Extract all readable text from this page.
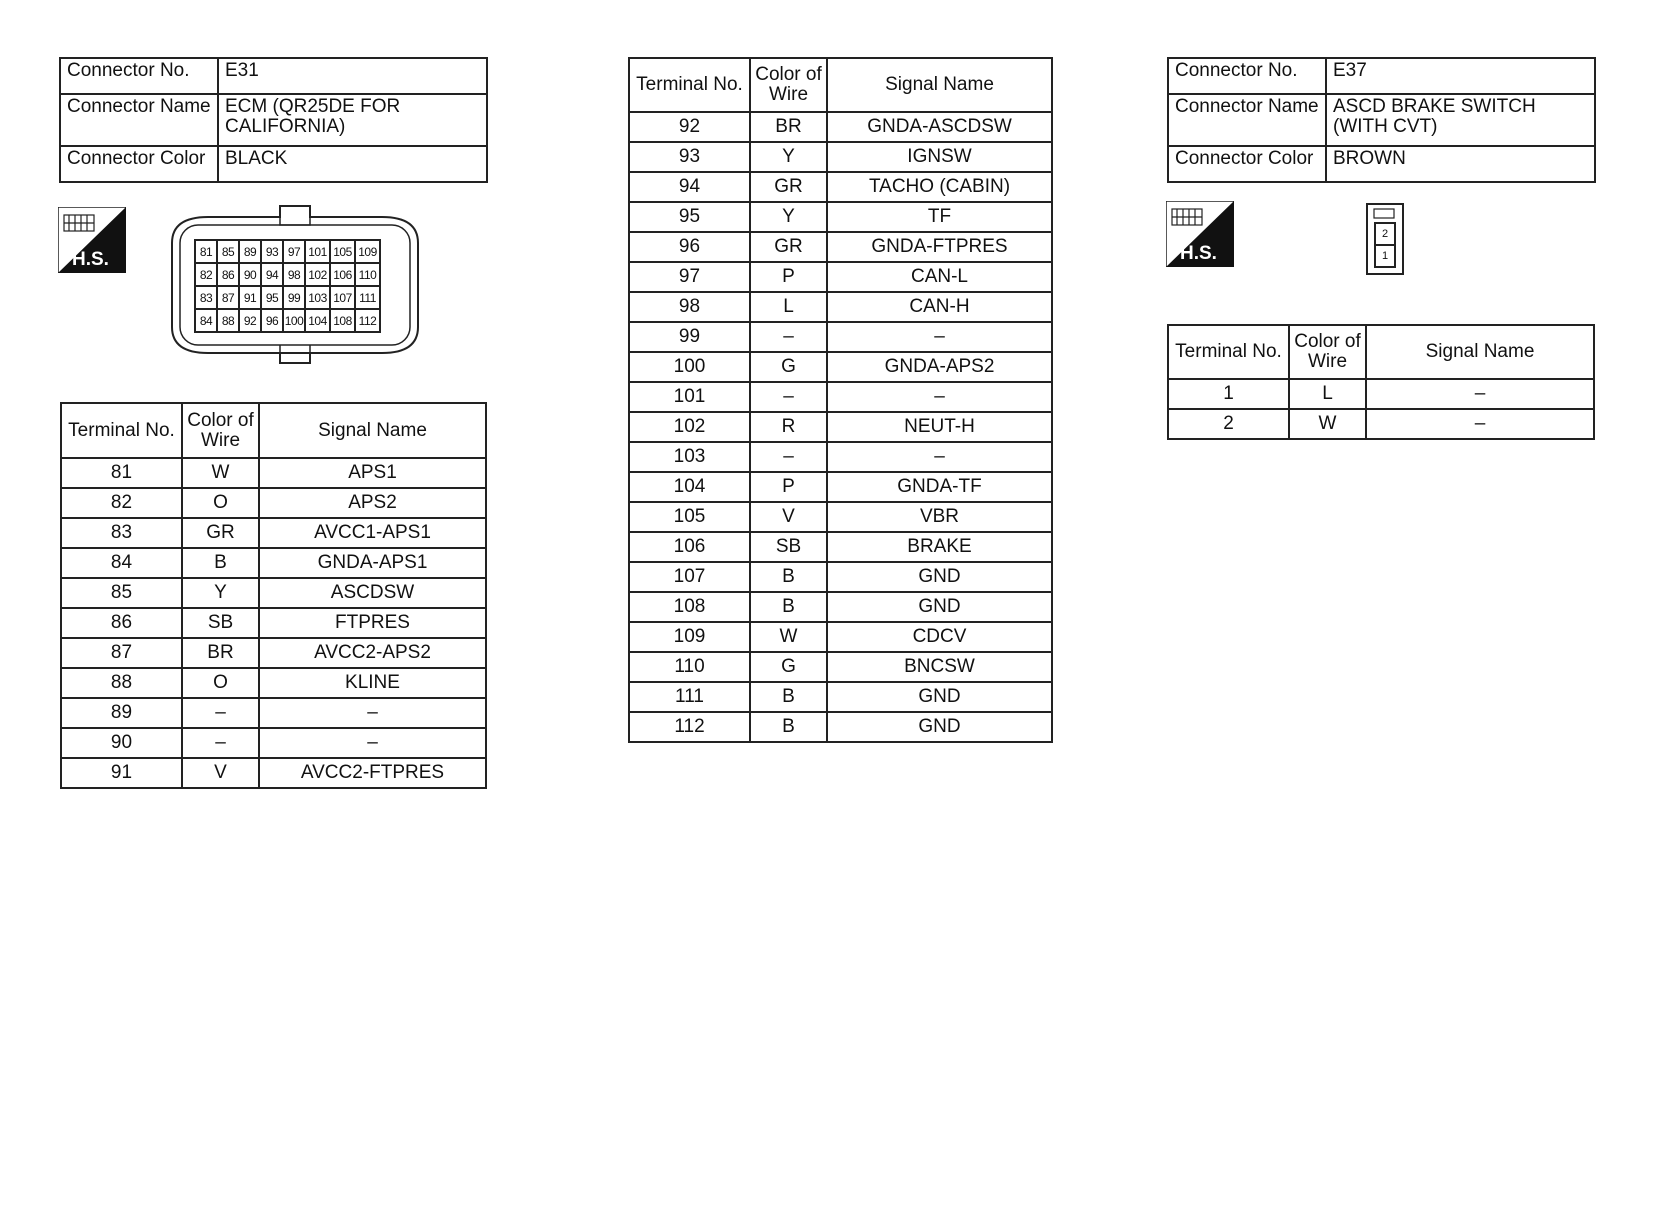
Connector No.	E31
Connector Name	ECM (QR25DE FOR CALIFORNIA)
Connector Color	BLACK
H.S.	81 85 89 93 97 101 105 109
82 86 90 94 98 102 106 110
83 87 91 95 99 103 107 111
84 88 92 96 100 104 108 112
Terminal No.	Color of Wire	Signal Name
81	W	APS1
82	O	APS2
83	GR	AVCC1-APS1
84	B	GNDA-APS1
85	Y	ASCDSW
86	SB	FTPRES
87	BR	AVCC2-APS2
88	O	KLINE
89	–	–
90	–	–
91	V	AVCC2-FTPRES
Terminal No.	Color of Wire	Signal Name
92	BR	GNDA-ASCDSW
93	Y	IGNSW
94	GR	TACHO (CABIN)
95	Y	TF
96	GR	GNDA-FTPRES
97	P	CAN-L
98	L	CAN-H
99	–	–
100	G	GNDA-APS2
101	–	–
102	R	NEUT-H
103	–	–
104	P	GNDA-TF
105	V	VBR
106	SB	BRAKE
107	B	GND
108	B	GND
109	W	CDCV
110	G	BNCSW
111	B	GND
112	B	GND
Connector No.	E37
Connector Name	ASCD BRAKE SWITCH (WITH CVT)
Connector Color	BROWN
H.S.
2
1
Terminal No.	Color of Wire	Signal Name
1	L	–
2	W	–
